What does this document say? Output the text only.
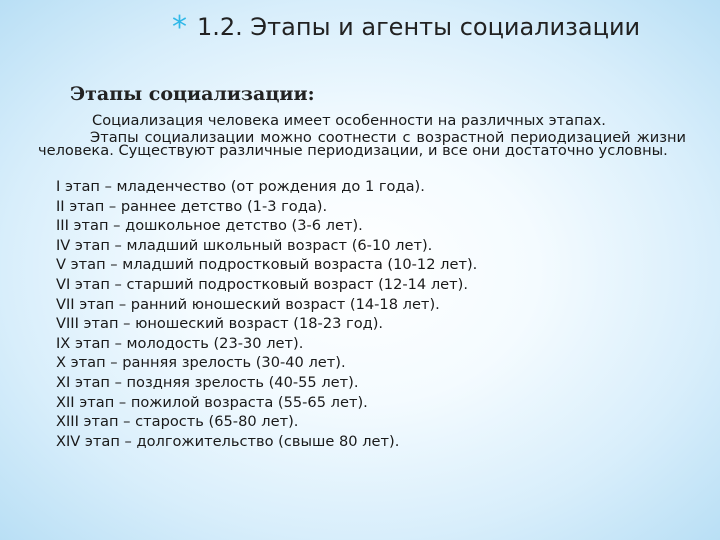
* 1.2. Этапы и агенты социализации
Этапы социализации:
Социализация человека имеет особенности на различных этапах.
Этапы социализации можно соотнести с возрастной периодизацией жизни человека. Существуют различные периодизации, и все они достаточно условны.
I этап – младенчество (от рождения до 1 года).
II этап – раннее детство (1-3 года).
III этап – дошкольное детство (3-6 лет).
IV этап – младший школьный возраст (6-10 лет).
V этап – младший подростковый возраста (10-12 лет).
VI этап – старший подростковый возраст (12-14 лет).
VII этап – ранний юношеский возраст (14-18 лет).
VIII этап – юношеский возраст (18-23 год).
IX этап – молодость (23-30 лет).
X этап – ранняя зрелость (30-40 лет).
XI этап – поздняя зрелость (40-55 лет).
XII этап – пожилой возраста (55-65 лет).
XIII этап – старость (65-80 лет).
XIV этап – долгожительство (свыше 80 лет).
